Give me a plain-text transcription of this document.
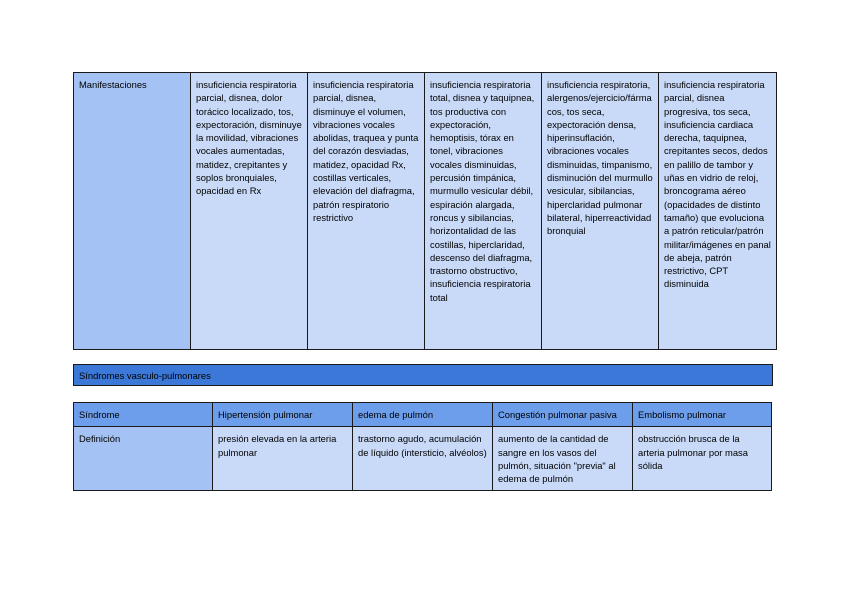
Manifestaciones	insuficiencia respiratoria parcial, disnea, dolor torácico localizado, tos, expectoración, disminuye la movilidad, vibraciones vocales aumentadas, matidez, crepitantes y soplos bronquiales, opacidad en Rx	insuficiencia respiratoria parcial, disnea, disminuye el volumen, vibraciones vocales abolidas, traquea y punta del corazón desviadas, matidez, opacidad Rx, costillas verticales, elevación del diafragma, patrón respiratorio restrictivo	insuficiencia respiratoria total, disnea y taquipnea, tos productiva con expectoración, hemoptisis, tórax en tonel, vibraciones vocales disminuidas, percusión timpánica, murmullo vesicular débil, espiración alargada, roncus y sibilancias, horizontalidad de las costillas, hiperclaridad, descenso del diafragma, trastorno obstructivo, insuficiencia respiratoria total	insuficiencia respiratoria, alergenos/ejercicio/fármacos, tos seca, expectoración densa, hiperinsuflación, vibraciones vocales disminuidas, timpanismo, disminución del murmullo vesicular, sibilancias, hiperclaridad pulmonar bilateral, hiperreactividad bronquial	insuficiencia respiratoria parcial, disnea progresiva, tos seca, insuficiencia cardiaca derecha, taquipnea, crepitantes secos, dedos en palillo de tambor y uñas en vidrio de reloj, broncograma aéreo (opacidades de distinto tamaño) que evoluciona a patrón reticular/patrón militar/imágenes en panal de abeja, patrón restrictivo, CPT disminuida
Síndromes vasculo-pulmonares
Síndrome	Hipertensión pulmonar	edema de pulmón	Congestión pulmonar pasiva	Embolismo pulmonar
Definición	presión elevada en la arteria pulmonar	trastorno agudo, acumulación de líquido (intersticio, alvéolos)	aumento de la cantidad de sangre en los vasos del pulmón, situación "previa" al edema de pulmón	obstrucción brusca de la arteria pulmonar por masa sólida
